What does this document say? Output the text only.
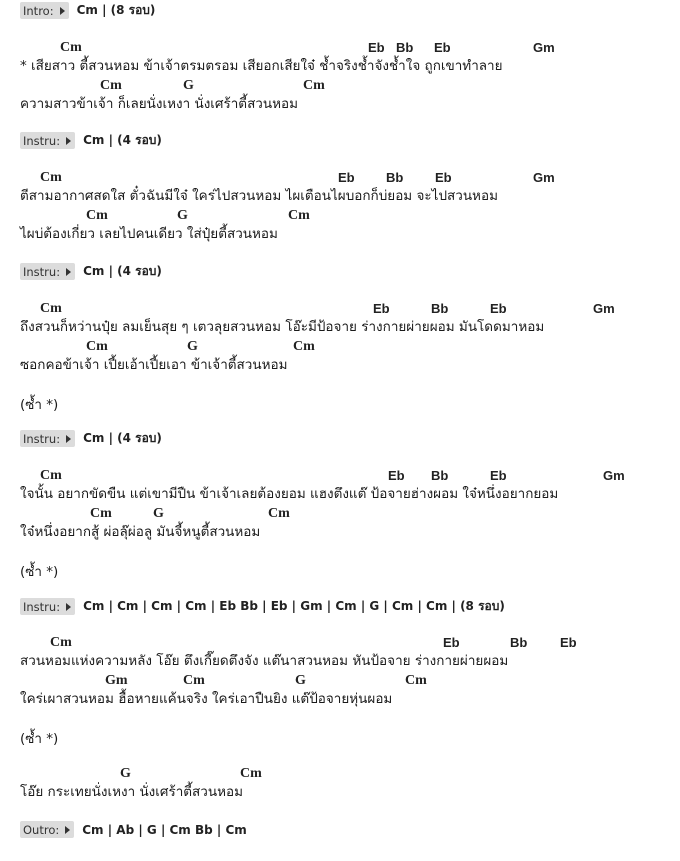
Intro: Cm | (8 รอบ)
Cm	Eb Bb Eb	Gm
* เสียสาว ตี้สวนหอม ข้าเจ้าตรมตรอม เสียอกเสียใจ๋ ช้ำจริงช้ำจังช้ำใจ ถูกเขาทำลาย
Cm	G	Cm
ความสาวข้าเจ้า ก็เลยนั่งเหงา นั่งเศร้าตี้สวนหอม
Instru: Cm | (4 รอบ)
Cm	Eb Bb Eb	Gm
ตีสามอากาศสดใส ตั๋วฉันมีใจ๋ ใคร่ไปสวนหอม ไผเตือนไผบอกก็บ่ยอม จะไปสวนหอม
Cm	G	Cm
ไผบ่ต้องเกี่ยว เลยไปคนเดียว ใส่ปุ๋ยตี้สวนหอม
Instru: Cm | (4 รอบ)
Cm	Eb	Bb	Eb	Gm
ถึงสวนก็หว่านปุ๋ย ลมเย็นสุย ๆ เตวลุยสวนหอม โอ๊ะมีป้อจาย ร่างกายผ่ายผอม มันโดดมาหอม
Cm	G	Cm
ซอกคอข้าเจ้า เปี้ยเอ้าเปี้ยเอา ข้าเจ้าตี้สวนหอม
(ซ้ำ *)
Instru: Cm | (4 รอบ)
Cm	Eb Bb	Eb	Gm
ใจนั้น อยากขัดขืน แต่เขามีปืน ข้าเจ้าเลยต้องยอม แฮงตึงแต๊ ป้อจายฮ่างผอม ใจ๋หนึ่งอยากยอม
Cm	G	Cm
ใจ๋หนึ่งอยากสู้ ผ่อลุ๊ผ่อลู มันจี้หนูตี้สวนหอม
(ซ้ำ *)
Instru: Cm | Cm | Cm | Cm | Eb Bb | Eb | Gm | Cm | G | Cm | Cm | (8 รอบ)
Cm	Eb	Bb	Eb
สวนหอมแห่งความหลัง โอ๊ย ตึงเกี๊ยดตึงจัง แต๊นาสวนหอม หันป้อจาย ร่างกายผ่ายผอม
Gm	Cm	G	Cm
ใคร่เผาสวนหอม ฮื้อหายแค้นจริง ใคร่เอาปืนยิง แต๊ป้อจายหุ่นผอม
(ซ้ำ *)
G	Cm
โอ๊ย กระเทยนั่งเหงา นั่งเศร้าตี้สวนหอม
Outro: Cm | Ab | G | Cm Bb | Cm
